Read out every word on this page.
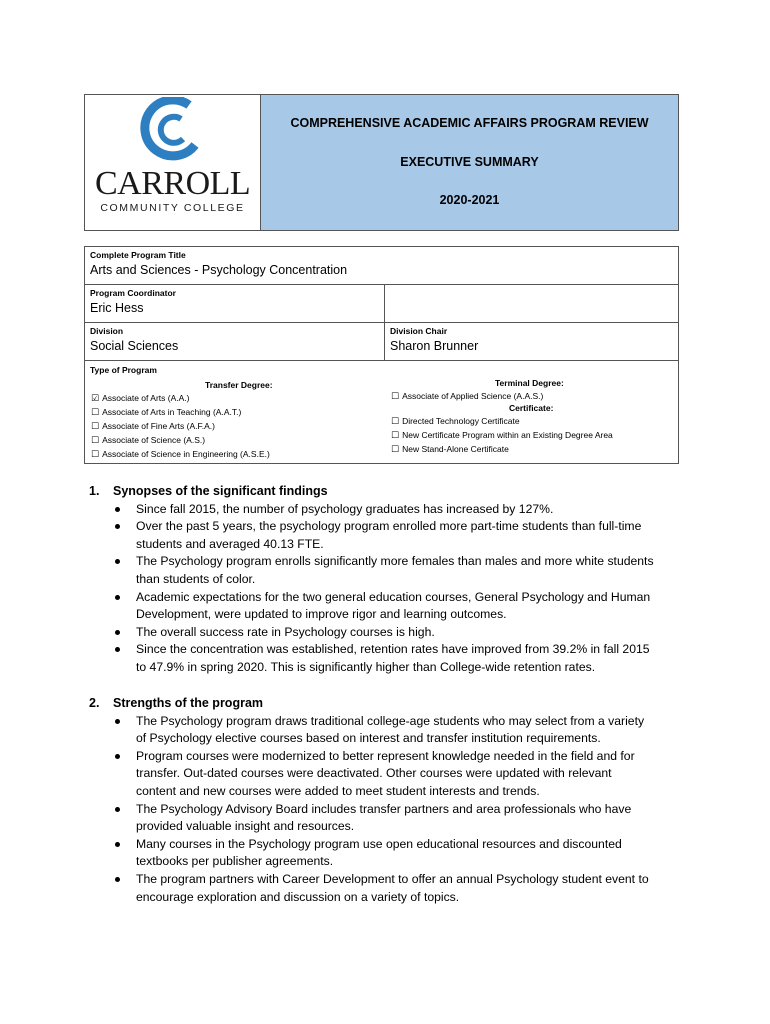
CARROLL
COMMUNITY COLLEGE
COMPREHENSIVE ACADEMIC AFFAIRS PROGRAM REVIEW
EXECUTIVE SUMMARY
2020-2021
Complete Program Title
Arts and Sciences - Psychology Concentration
Program Coordinator
Eric Hess
Division
Social Sciences
Division Chair
Sharon Brunner
Type of Program
Transfer Degree:
☑ Associate of Arts (A.A.)
☐ Associate of Arts in Teaching (A.A.T.)
☐ Associate of Fine Arts (A.F.A.)
☐ Associate of Science (A.S.)
☐ Associate of Science in Engineering (A.S.E.)
Terminal Degree:
☐ Associate of Applied Science (A.A.S.)
Certificate:
☐ Directed Technology Certificate
☐ New Certificate Program within an Existing Degree Area
☐ New Stand-Alone Certificate
1. Synopses of the significant findings
Since fall 2015, the number of psychology graduates has increased by 127%.
Over the past 5 years, the psychology program enrolled more part-time students than full-time
students and averaged 40.13 FTE.
The Psychology program enrolls significantly more females than males and more white students
than students of color.
Academic expectations for the two general education courses, General Psychology and Human
Development, were updated to improve rigor and learning outcomes.
The overall success rate in Psychology courses is high.
Since the concentration was established, retention rates have improved from 39.2% in fall 2015
to 47.9% in spring 2020. This is significantly higher than College-wide retention rates.
2. Strengths of the program
The Psychology program draws traditional college-age students who may select from a variety
of Psychology elective courses based on interest and transfer institution requirements.
Program courses were modernized to better represent knowledge needed in the field and for
transfer. Out-dated courses were deactivated. Other courses were updated with relevant
content and new courses were added to meet student interests and trends.
The Psychology Advisory Board includes transfer partners and area professionals who have
provided valuable insight and resources.
Many courses in the Psychology program use open educational resources and discounted
textbooks per publisher agreements.
The program partners with Career Development to offer an annual Psychology student event to
encourage exploration and discussion on a variety of topics.
